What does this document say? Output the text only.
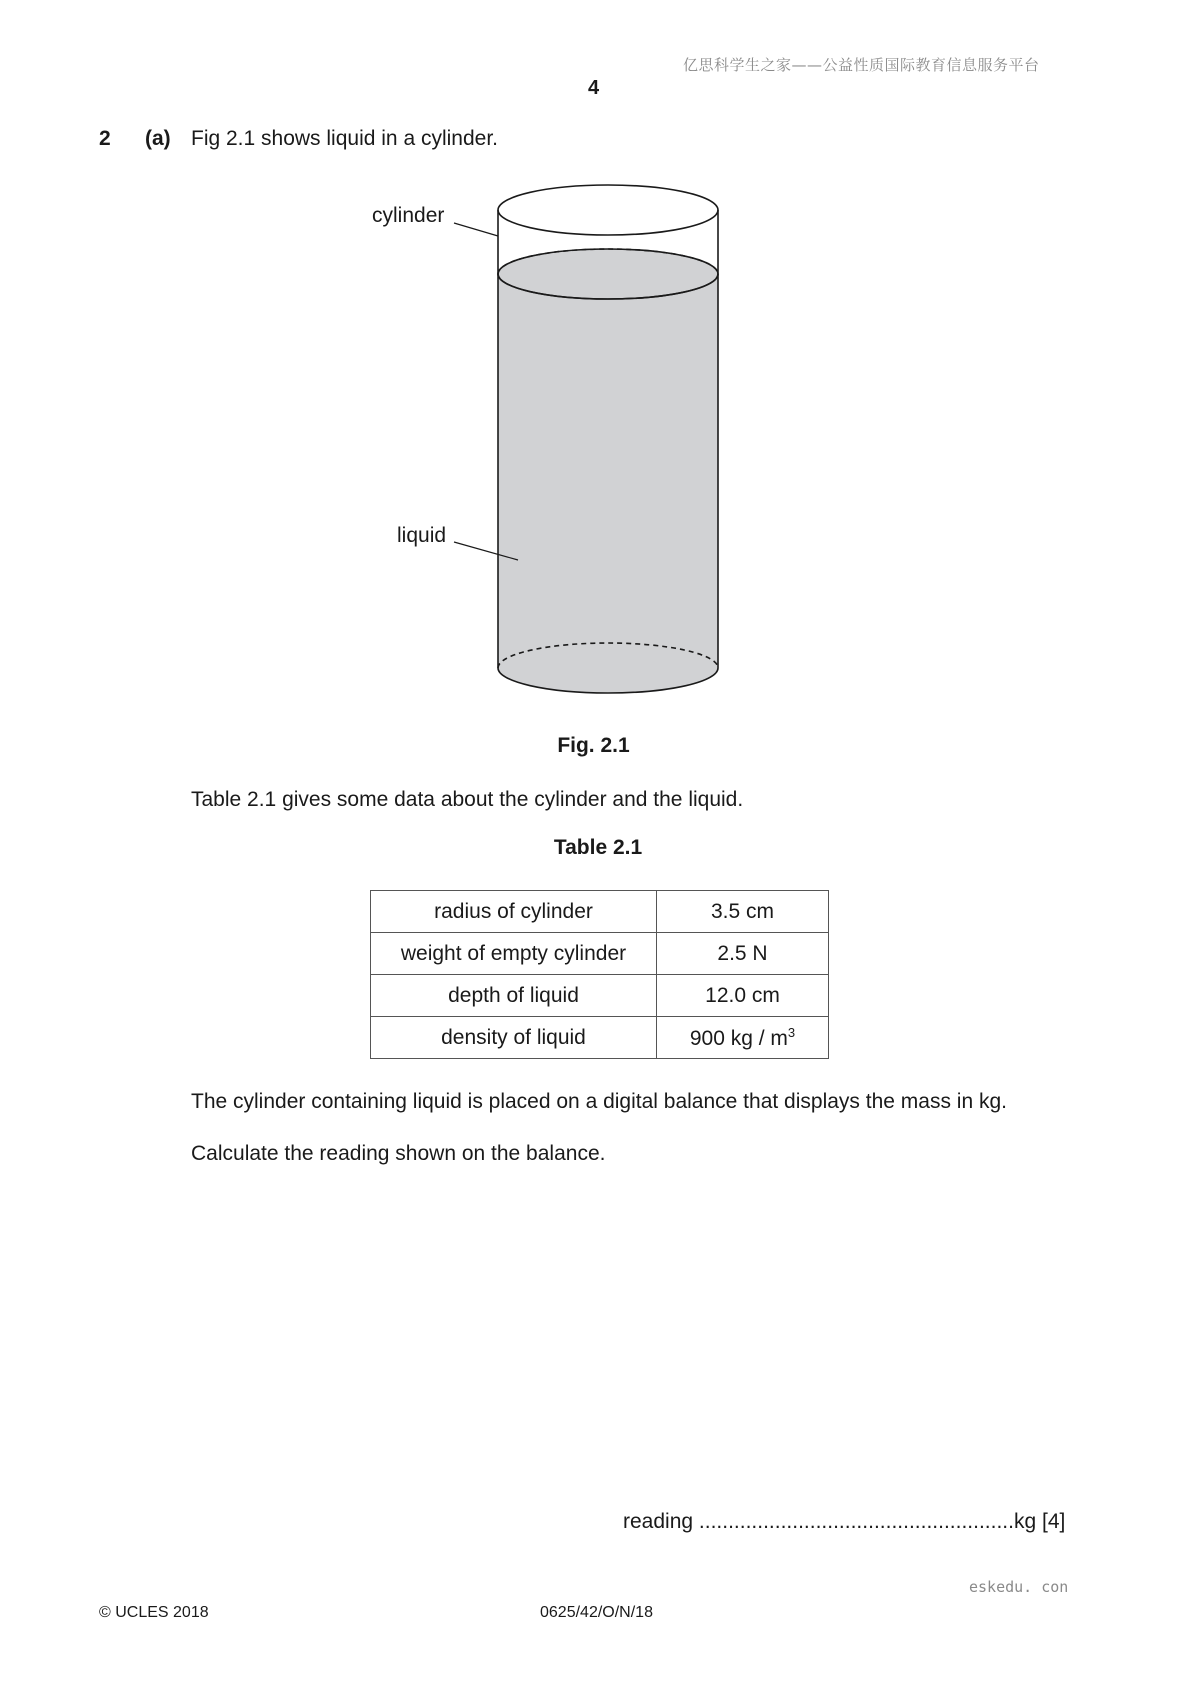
亿思科学生之家——公益性质国际教育信息服务平台
4
2 (a) Fig 2.1 shows liquid in a cylinder.
cylinder
liquid
Fig. 2.1
Table 2.1 gives some data about the cylinder and the liquid.
Table 2.1
radius of cylinder	3.5 cm
weight of empty cylinder	2.5 N
depth of liquid	12.0 cm
density of liquid	900 kg / $m^3$
The cylinder containing liquid is placed on a digital balance that displays the mass in kg.
Calculate the reading shown on the balance.
reading ......................................................kg [4]
eskedu. con
© UCLES 2018	0625/42/O/N/18
